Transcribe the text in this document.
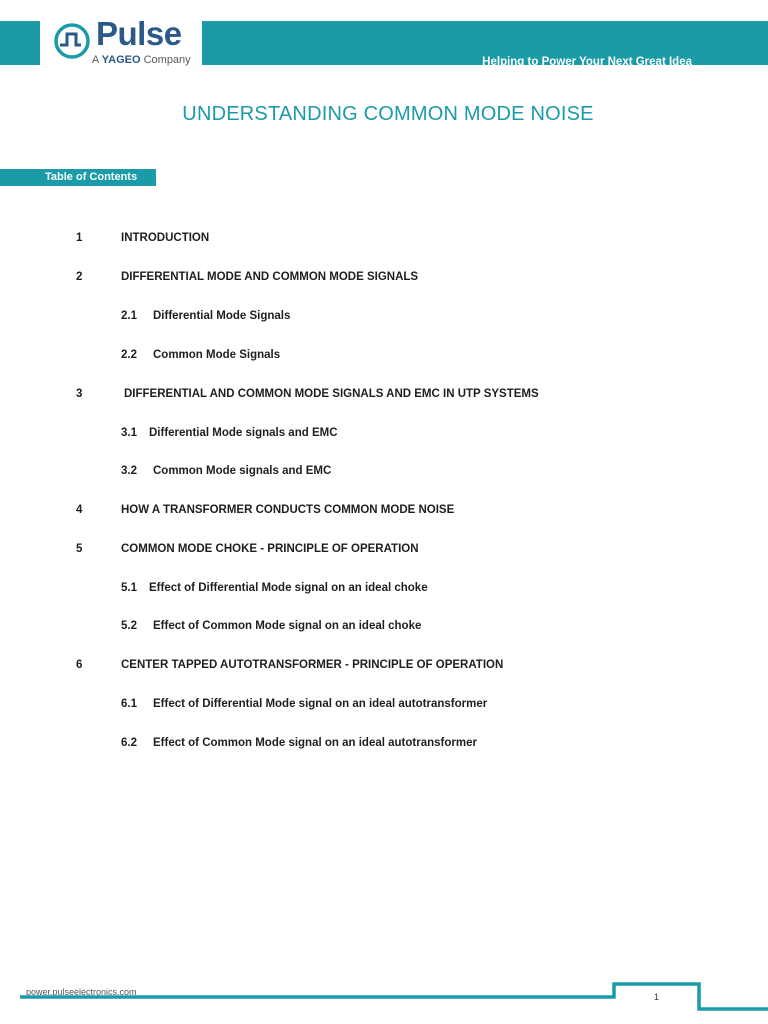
Helping to Power Your Next Great Idea
Pulse
A YAGEO Company
UNDERSTANDING COMMON MODE NOISE
Table of Contents
1	INTRODUCTION
2	DIFFERENTIAL MODE AND COMMON MODE SIGNALS
2.1 Differential Mode Signals
2.2 Common Mode Signals
3	DIFFERENTIAL AND COMMON MODE SIGNALS AND EMC IN UTP SYSTEMS
3.1 Differential Mode signals and EMC
3.2 Common Mode signals and EMC
4	HOW A TRANSFORMER CONDUCTS COMMON MODE NOISE
5	COMMON MODE CHOKE - PRINCIPLE OF OPERATION
5.1 Effect of Differential Mode signal on an ideal choke
5.2 Effect of Common Mode signal on an ideal choke
6	CENTER TAPPED AUTOTRANSFORMER - PRINCIPLE OF OPERATION
6.1 Effect of Differential Mode signal on an ideal autotransformer
6.2 Effect of Common Mode signal on an ideal autotransformer
power.pulseelectronics.com	1
